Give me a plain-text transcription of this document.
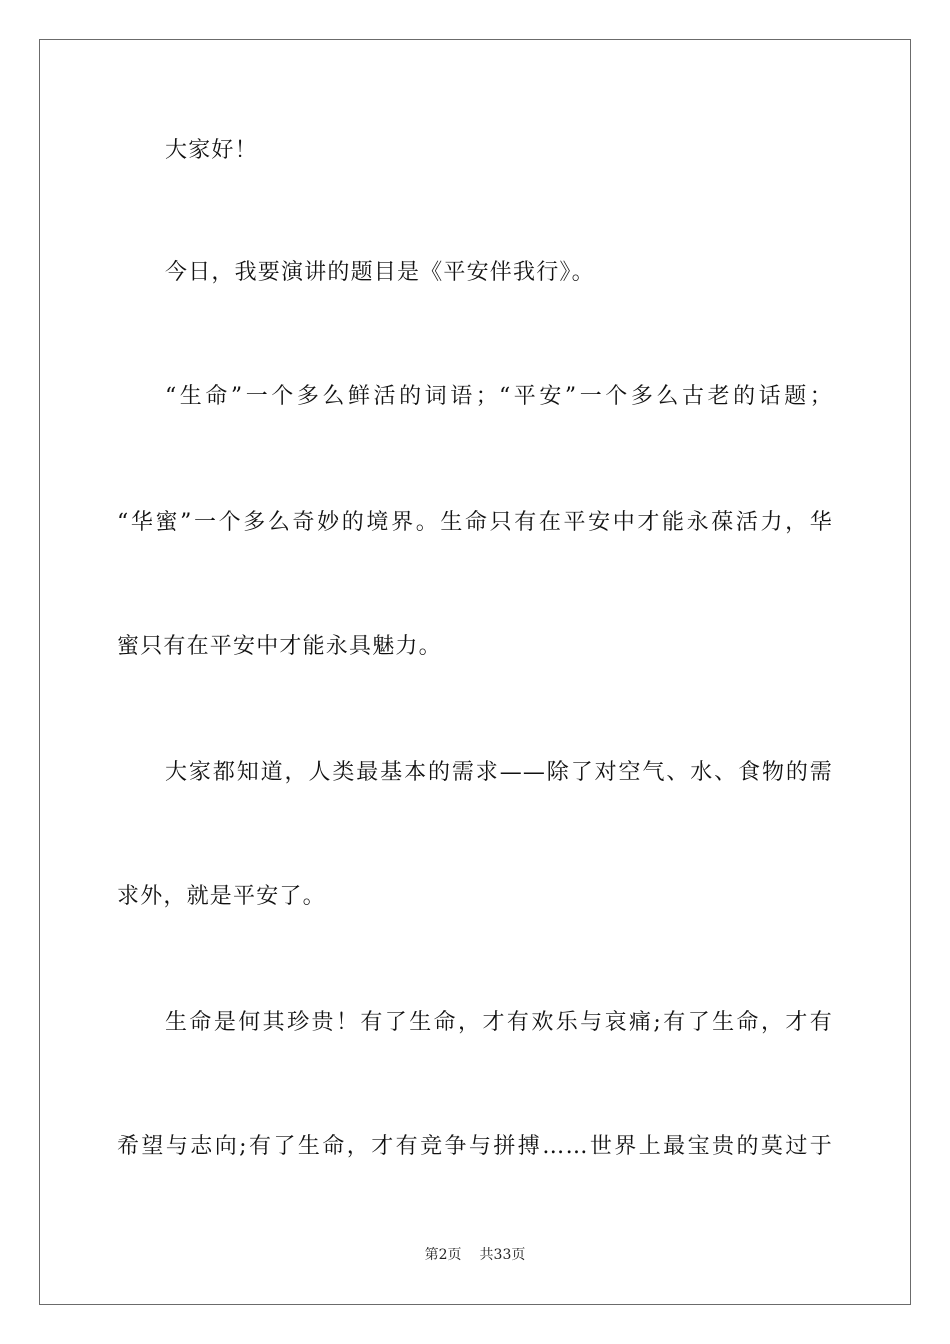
大家好！
今日，我要演讲的题目是《平安伴我行》。
“生命”一个多么鲜活的词语；“平安”一个多么古老的话题；
“华蜜”一个多么奇妙的境界。生命只有在平安中才能永葆活力，华
蜜只有在平安中才能永具魅力。
大家都知道，人类最基本的需求——除了对空气、水、食物的需
求外，就是平安了。
生命是何其珍贵！有了生命，才有欢乐与哀痛;有了生命，才有
希望与志向;有了生命，才有竞争与拼搏……世界上最宝贵的莫过于
第2页 共33页
